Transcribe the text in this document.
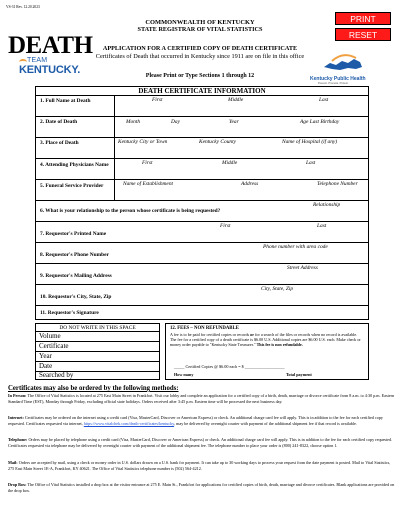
VS-31 Rev. 12.20.2023
PRINT
RESET
COMMONWEALTH OF KENTUCKY
STATE REGISTRAR OF VITAL STATISTICS
DEATH
TEAM
KENTUCKY.
APPLICATION FOR A CERTIFIED COPY OF DEATH CERTIFICATE
Certificates of Death that occurred in Kentucky since 1911 are on file in this office
Kentucky Public Health
Prevent. Promote. Protect.
Please Print or Type Sections 1 through 12
DEATH CERTIFICATE INFORMATION
1. Full Name at Death	First	Middle	Last
2. Date of Death	Month	Day	Year	Age Last Birthday
3. Place of Death	Kentucky City or Town	Kentucky County	Name of Hospital (if any)
4. Attending Physicians Name	First	Middle	Last
5. Funeral Service Provider	Name of Establishment	Address	Telephone Number
Relationship
6. What is your relationship to the person whose certificate is being requested?
First	Last
7. Requestor's Printed Name
Phone number with area code
8. Requestor's Phone Number
Street Address
9. Requestor's Mailing Address
City, State, Zip
10. Requestor's City, State, Zip
11. Requestor's Signature
DO NOT WRITE IN THIS SPACE
Volume
Certificate
Year
Date
Searched by
12. FEES – NON REFUNDABLE
A fee is to be paid for certified copies or records or for a search of the files or records when no record is available. The fee for a certified copy of a death certificate is $6.00 U.S. Additional copies are $6.00 U.S. each. Make check or money order payable to "Kentucky State Treasurer." This fee is non refundable.
_____ Certified Copies @ $6.00 each = $ ___________________
How many	Total payment
Certificates may also be ordered by the following methods:
In Person: The Office of Vital Statistics is located at 275 East Main Street in Frankfort. Visit our lobby and complete an application for a certified copy of a birth, death, marriage or divorce certificate from 8 a.m. to 4:30 p.m. Eastern Standard Time (EST), Monday through Friday, excluding official state holidays. Orders received after 3:45 p.m. Eastern time will be processed the next business day.
Internet: Certificates may be ordered on the internet using a credit card (Visa, MasterCard, Discover or American Express) or check. An additional charge card fee will apply. This is in addition to the fee for each certified copy requested. Certificates requested via internet, https://www.vitalchek.com/death-certificates/kentucky, may be delivered by overnight courier with payment of the additional shipment fee if that record is available.
Telephone: Orders may be placed by telephone using a credit card (Visa, MasterCard, Discover or American Express) or check. An additional charge card fee will apply. This is in addition to the fee for each certified copy requested. Certificates requested via telephone may be delivered by overnight courier with payment of the additional shipment fee. The telephone number to place your order is (800) 241-8322, choose option 1.
Mail: Orders are accepted by mail, using a check or money order in U.S. dollars drawn on a U.S. bank for payment. It can take up to 30 working days to process your request from the date payment is posted. Mail to Vital Statistics, 275 East Main Street 1E-A, Frankfort, KY 40621. The Office of Vital Statistics telephone number is (502) 564-4212.
Drop Box: The Office of Vital Statistics installed a drop box at the visitor entrance at 275 E. Main St., Frankfort for applications for certified copies of birth, death, marriage and divorce certificates. Blank applications are provided on the drop box.
